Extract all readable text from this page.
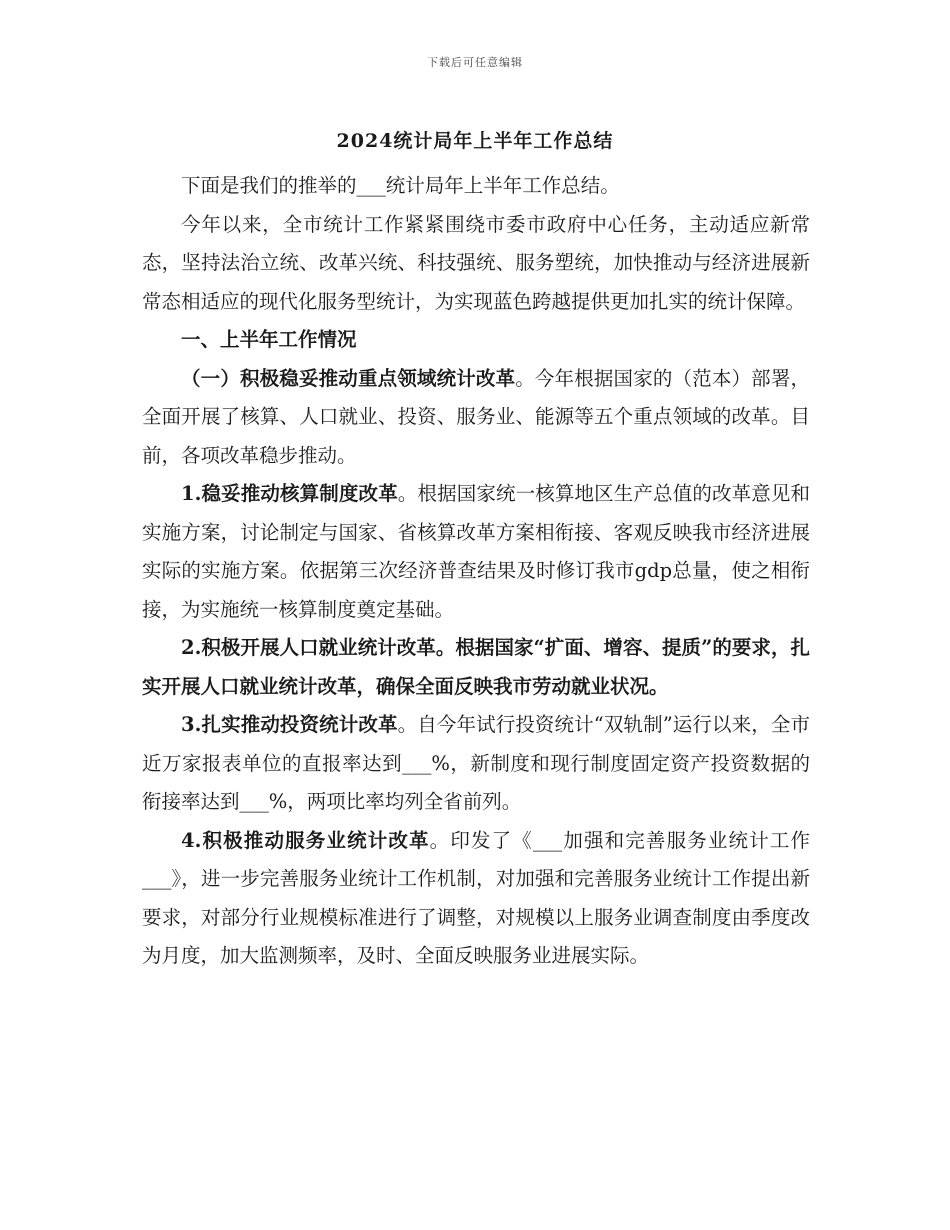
下载后可任意编辑
2024统计局年上半年工作总结

下面是我们的推举的___统计局年上半年工作总结。

今年以来，全市统计工作紧紧围绕市委市政府中心任务，主动适应新常态，坚持法治立统、改革兴统、科技强统、服务塑统，加快推动与经济进展新常态相适应的现代化服务型统计，为实现蓝色跨越提供更加扎实的统计保障。

一、上半年工作情况

（一）积极稳妥推动重点领域统计改革。今年根据国家的（范本）部署，全面开展了核算、人口就业、投资、服务业、能源等五个重点领域的改革。目前，各项改革稳步推动。

1.稳妥推动核算制度改革。根据国家统一核算地区生产总值的改革意见和实施方案，讨论制定与国家、省核算改革方案相衔接、客观反映我市经济进展实际的实施方案。依据第三次经济普查结果及时修订我市gdp总量，使之相衔接，为实施统一核算制度奠定基础。

2.积极开展人口就业统计改革。根据国家“扩面、增容、提质”的要求，扎实开展人口就业统计改革，确保全面反映我市劳动就业状况。

3.扎实推动投资统计改革。自今年试行投资统计“双轨制”运行以来，全市近万家报表单位的直报率达到___%，新制度和现行制度固定资产投资数据的衔接率达到___%，两项比率均列全省前列。

4.积极推动服务业统计改革。印发了《___加强和完善服务业统计工作___》，进一步完善服务业统计工作机制，对加强和完善服务业统计工作提出新要求，对部分行业规模标准进行了调整，对规模以上服务业调查制度由季度改为月度，加大监测频率，及时、全面反映服务业进展实际。
